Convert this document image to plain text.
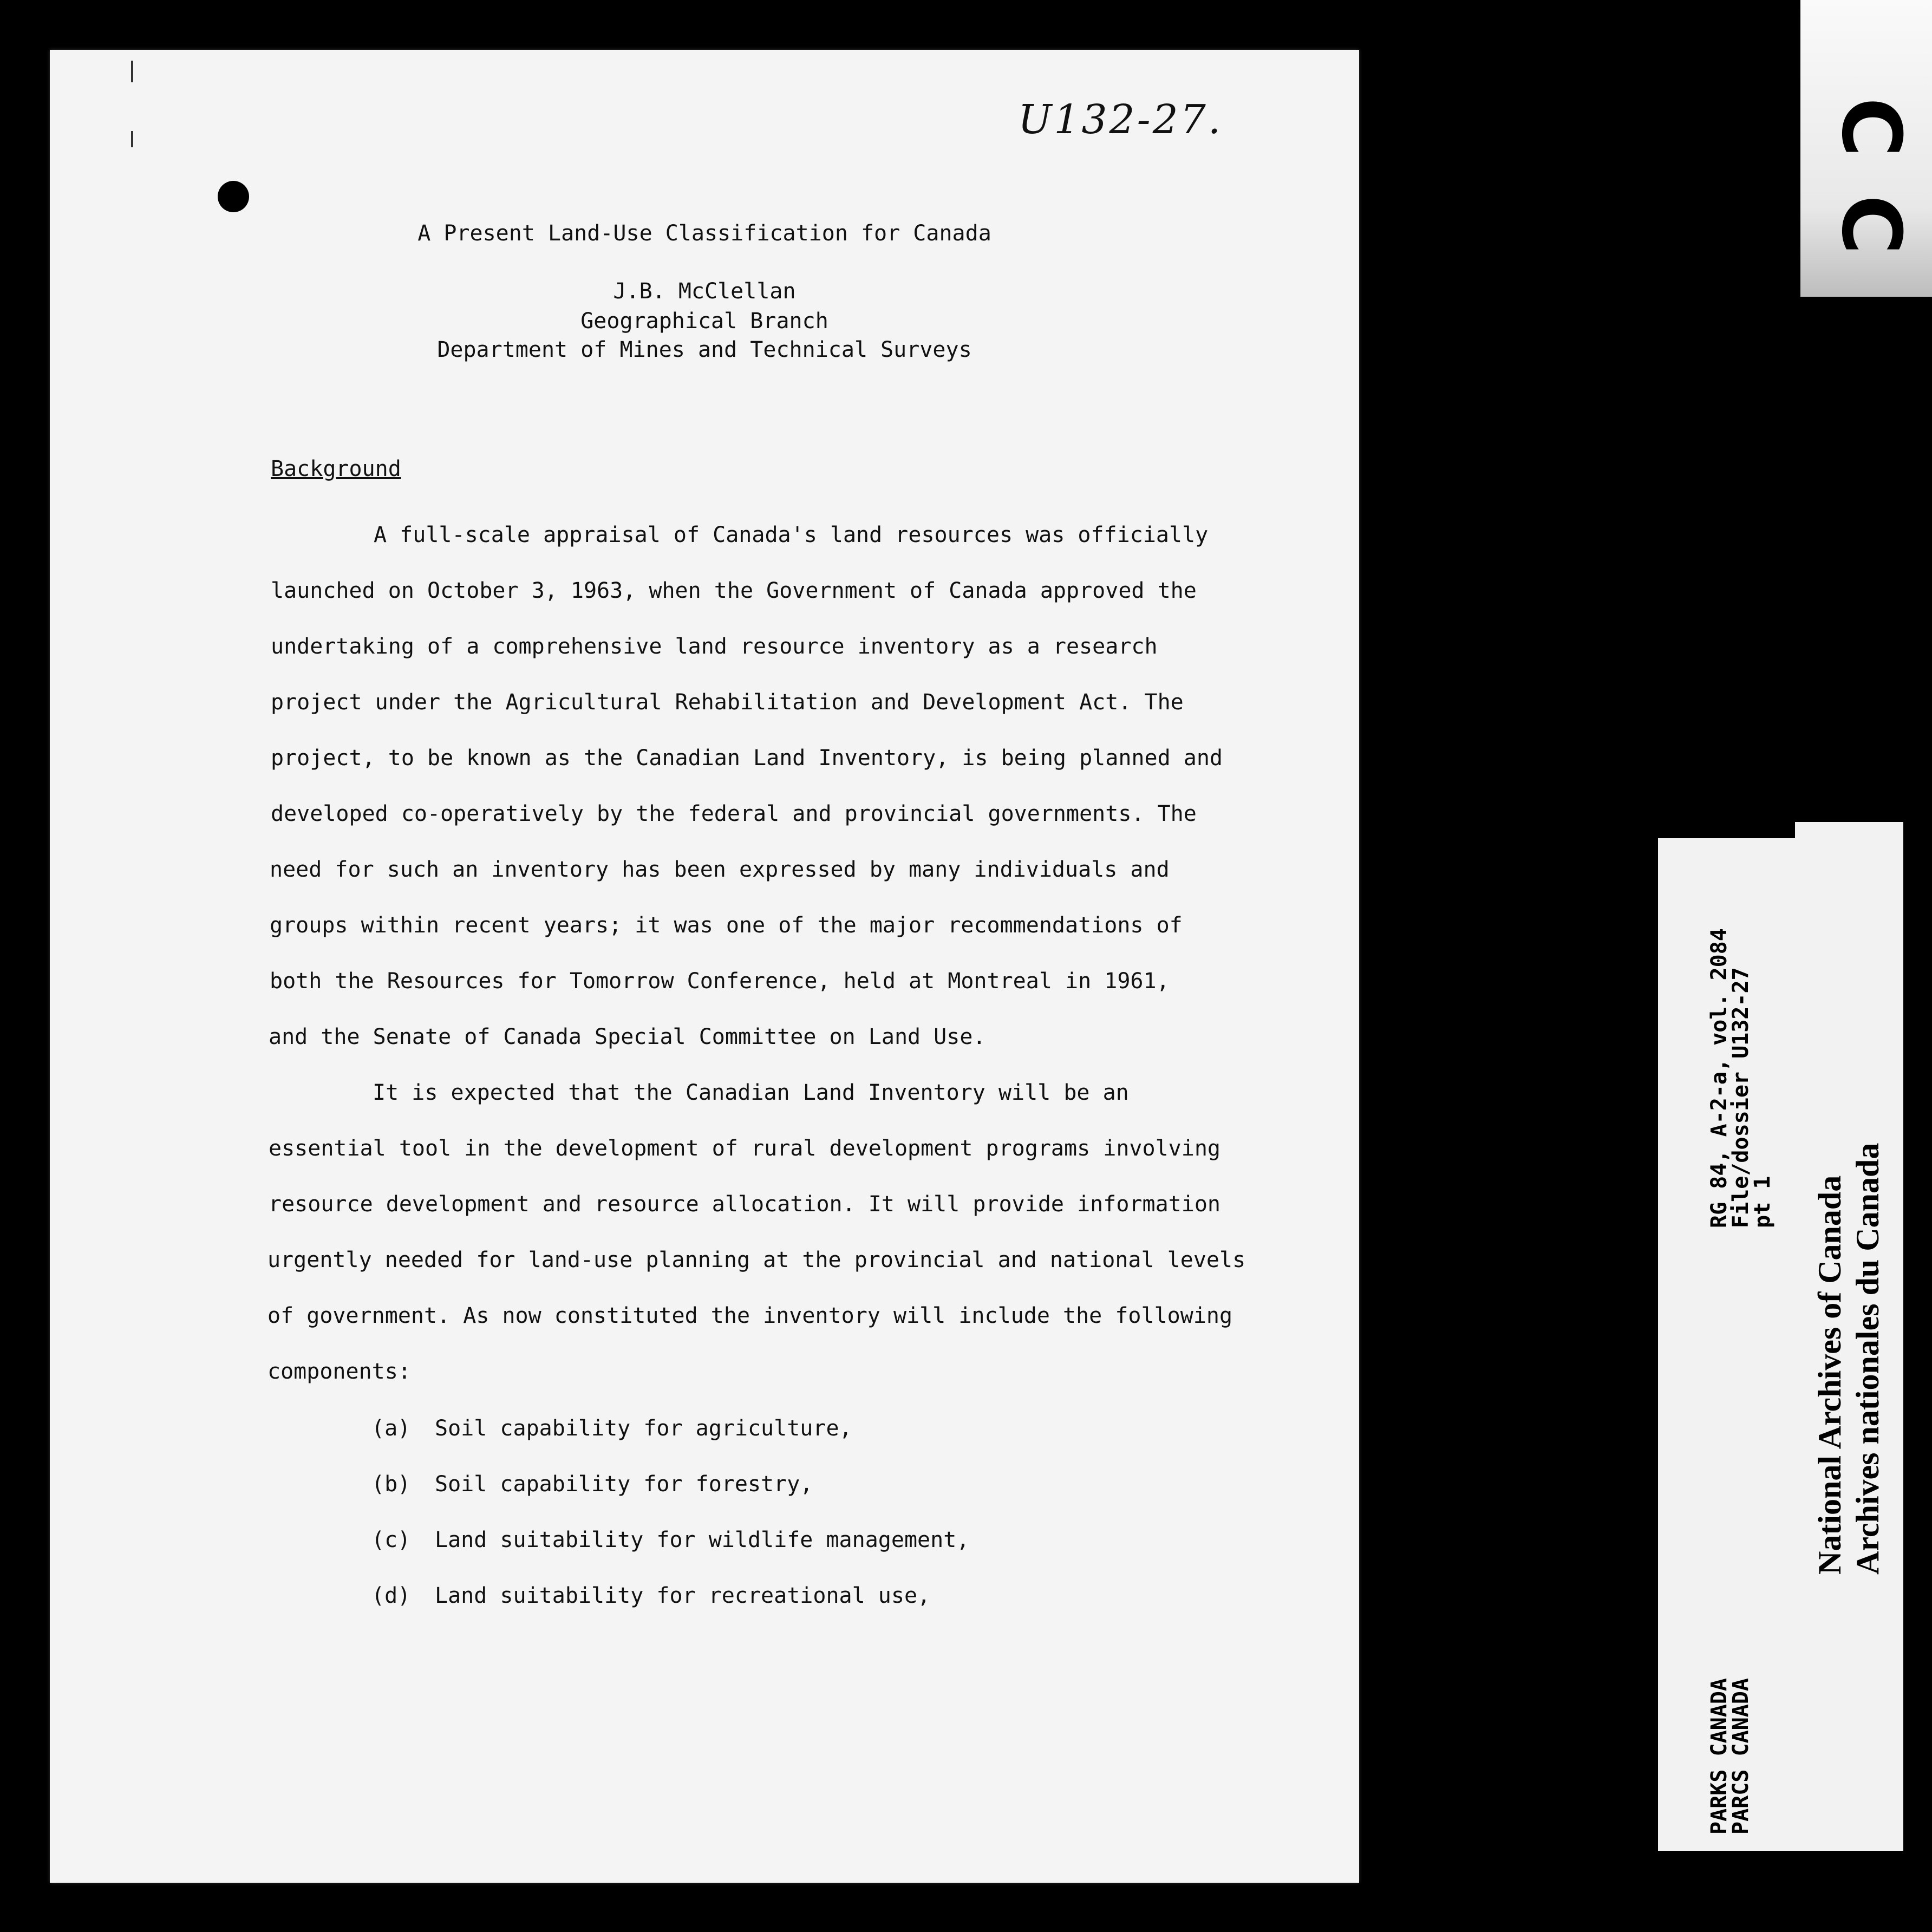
U132-27.
A Present Land-Use Classification for Canada
J.B. McClellan
Geographical Branch
Department of Mines and Technical Surveys
Background
A full-scale appraisal of Canada's land resources was officially
launched on October 3, 1963, when the Government of Canada approved the
undertaking of a comprehensive land resource inventory as a research
project under the Agricultural Rehabilitation and Development Act. The
project, to be known as the Canadian Land Inventory, is being planned and
developed co-operatively by the federal and provincial governments. The
need for such an inventory has been expressed by many individuals and
groups within recent years; it was one of the major recommendations of
both the Resources for Tomorrow Conference, held at Montreal in 1961,
and the Senate of Canada Special Committee on Land Use.
It is expected that the Canadian Land Inventory will be an
essential tool in the development of rural development programs involving
resource development and resource allocation. It will provide information
urgently needed for land-use planning at the provincial and national levels
of government. As now constituted the inventory will include the following
components:
(a) Soil capability for agriculture,
(b) Soil capability for forestry,
(c) Land suitability for wildlife management,
(d) Land suitability for recreational use,
C
C
RG 84, A-2-a, vol. 2084
File/dossier U132-27
pt 1
PARKS CANADA
PARCS CANADA
National Archives of Canada Archives nationales du Canada
